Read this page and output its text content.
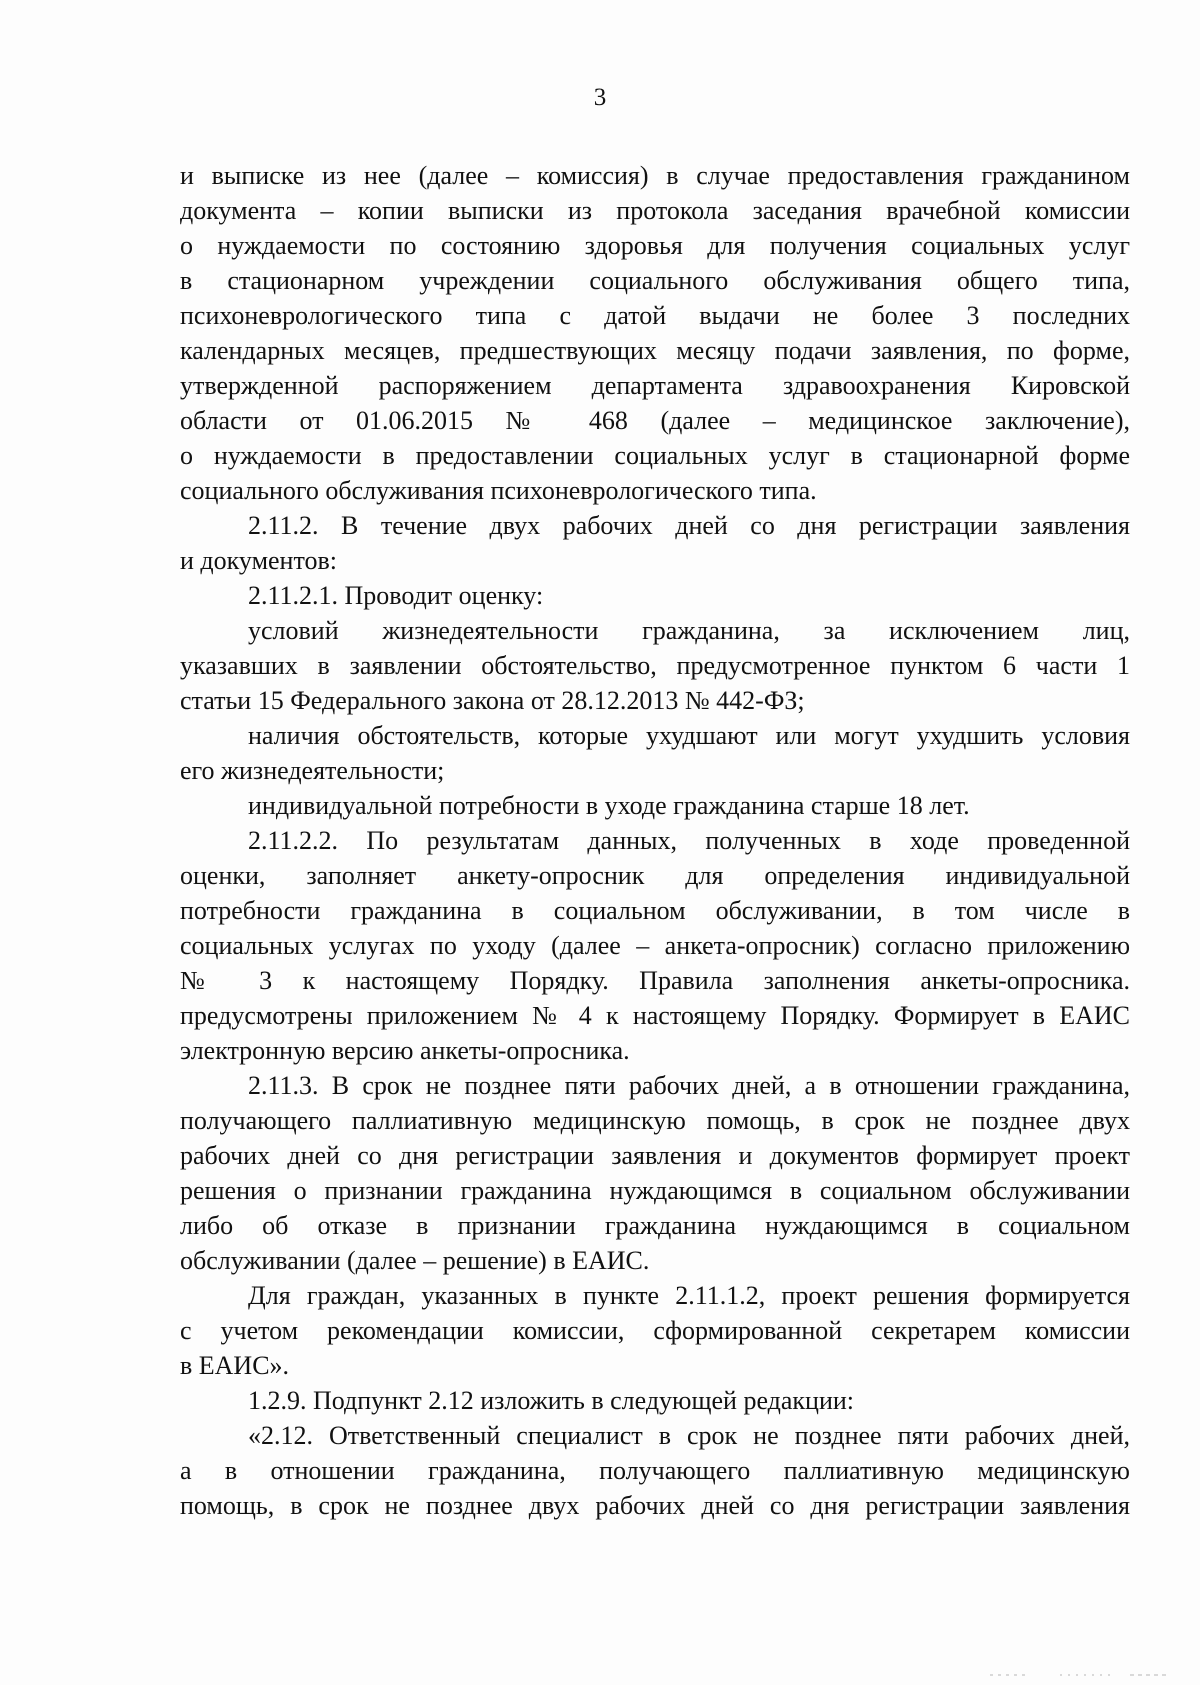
3
и выписке из нее (далее – комиссия) в случае предоставления гражданином
документа – копии выписки из протокола заседания врачебной комиссии
о нуждаемости по состоянию здоровья для получения социальных услуг
в стационарном учреждении социального обслуживания общего типа,
психоневрологического типа с датой выдачи не более 3 последних
календарных месяцев, предшествующих месяцу подачи заявления, по форме,
утвержденной распоряжением департамента здравоохранения Кировской
области от 01.06.2015 № 468 (далее – медицинское заключение),
о нуждаемости в предоставлении социальных услуг в стационарной форме
социального обслуживания психоневрологического типа.
2.11.2. В течение двух рабочих дней со дня регистрации заявления
и документов:
2.11.2.1. Проводит оценку:
условий жизнедеятельности гражданина, за исключением лиц,
указавших в заявлении обстоятельство, предусмотренное пунктом 6 части 1
статьи 15 Федерального закона от 28.12.2013 № 442-ФЗ;
наличия обстоятельств, которые ухудшают или могут ухудшить условия
его жизнедеятельности;
индивидуальной потребности в уходе гражданина старше 18 лет.
2.11.2.2. По результатам данных, полученных в ходе проведенной
оценки, заполняет анкету-опросник для определения индивидуальной
потребности гражданина в социальном обслуживании, в том числе в
социальных услугах по уходу (далее – анкета-опросник) согласно приложению
№ 3 к настоящему Порядку. Правила заполнения анкеты-опросника.
предусмотрены приложением № 4 к настоящему Порядку. Формирует в ЕАИС
электронную версию анкеты-опросника.
2.11.3. В срок не позднее пяти рабочих дней, а в отношении гражданина,
получающего паллиативную медицинскую помощь, в срок не позднее двух
рабочих дней со дня регистрации заявления и документов формирует проект
решения о признании гражданина нуждающимся в социальном обслуживании
либо об отказе в признании гражданина нуждающимся в социальном
обслуживании (далее – решение) в ЕАИС.
Для граждан, указанных в пункте 2.11.1.2, проект решения формируется
с учетом рекомендации комиссии, сформированной секретарем комиссии
в ЕАИС».
1.2.9. Подпункт 2.12 изложить в следующей редакции:
«2.12. Ответственный специалист в срок не позднее пяти рабочих дней,
а в отношении гражданина, получающего паллиативную медицинскую
помощь, в срок не позднее двух рабочих дней со дня регистрации заявления
